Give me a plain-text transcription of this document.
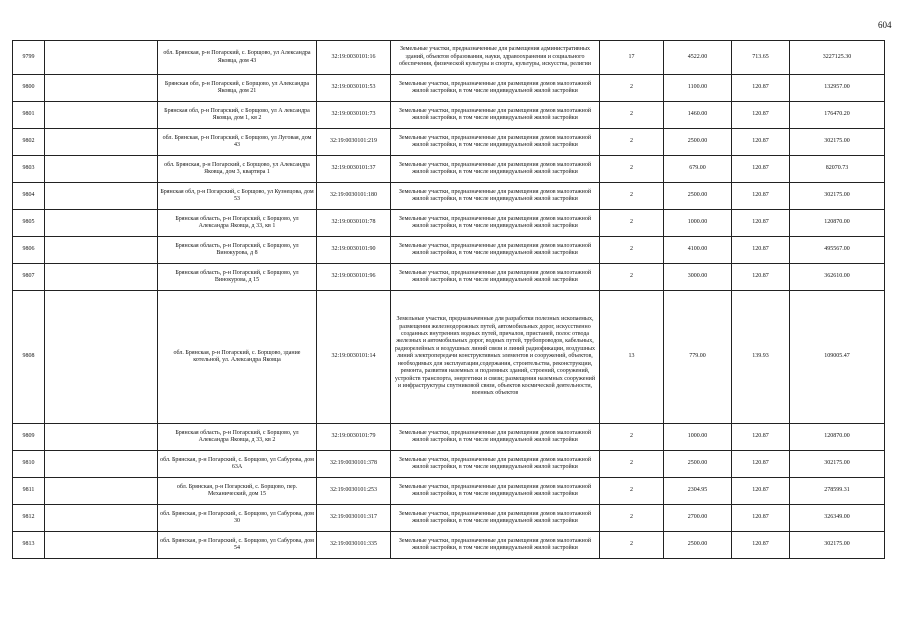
604
9799		обл. Брянская, р-н Погарский, с. Борщово, ул Александра Яковца, дом 43	32:19:0030101:16	Земельные участки, предназначенные для размещения административных зданий, объектов образования, науки, здравоохранения и социального обеспечения, физической культуры и спорта, культуры, искусства, религии	17	4522.00	713.65	3227125.30
9800		Брянская обл, р-н Погарский, с Борщово, ул Александра Яковца, дом 21	32:19:0030101:53	Земельные участки, предназначенные для размещения домов малоэтажной жилой застройки, в том числе индивидуальной жилой застройки	2	1100.00	120.87	132957.00
9801		Брянская обл, р-н Погарский, с Борщово, ул А лександра Яковца, дом 1, кв 2	32:19:0030101:73	Земельные участки, предназначенные для размещения домов малоэтажной жилой застройки, в том числе индивидуальной жилой застройки	2	1460.00	120.87	176470.20
9802		обл. Брянская, р-н Погарский, с Борщово, ул Луговая, дом 43	32:19:0030101:219	Земельные участки, предназначенные для размещения домов малоэтажной жилой застройки, в том числе индивидуальной жилой застройки	2	2500.00	120.87	302175.00
9803		обл. Брянская, р-н Погарский, с Борщово, ул Александра Яковца, дом 3, квартира 1	32:19:0030101:37	Земельные участки, предназначенные для размещения домов малоэтажной жилой застройки, в том числе индивидуальной жилой застройки	2	679.00	120.87	82070.73
9804		Брянская обл, р-н Погарский, с Борщово, ул Кузнецова, дом 53	32:19:0030101:180	Земельные участки, предназначенные для размещения домов малоэтажной жилой застройки, в том числе индивидуальной жилой застройки	2	2500.00	120.87	302175.00
9805		Брянская область, р-н Погарский, с Борщово, ул Александра Яковца, д 33, кв 1	32:19:0030101:78	Земельные участки, предназначенные для размещения домов малоэтажной жилой застройки, в том числе индивидуальной жилой застройки	2	1000.00	120.87	120870.00
9806		Брянская область, р-н Погарский, с Борщово, ул Винокурова, д 8	32:19:0030101:90	Земельные участки, предназначенные для размещения домов малоэтажной жилой застройки, в том числе индивидуальной жилой застройки	2	4100.00	120.87	495567.00
9807		Брянская область, р-н Погарский, с Борщово, ул Винокурова, д 15	32:19:0030101:96	Земельные участки, предназначенные для размещения домов малоэтажной жилой застройки, в том числе индивидуальной жилой застройки	2	3000.00	120.87	362610.00
9808		обл. Брянская, р-н Погарский, с. Борщово, здание котельной, ул. Александра Яковца	32:19:0030101:14	Земельные участки, предназначенные для разработки полезных ископаемых, размещения железнодорожных путей, автомобильных дорог, искусственно созданных внутренних водных путей, причалов, пристаней, полос отвода железных и автомобильных дорог, водных путей, трубопроводов, кабельных, радиорелейных и воздушных линий связи и линий радиофикации, воздушных линий электропередачи конструктивных элементов и сооружений, объектов, необходимых для эксплуатации,содержания, строительства, реконструкции, ремонта, развития наземных и подземных зданий, строений, сооружений, устройств транспорта, энергетики и связи; размещения наземных сооружений и инфраструктуры спутниковой связи, объектов космической деятельности, военных объектов	13	779.00	139.93	109005.47
9809		Брянская область, р-н Погарский, с Борщово, ул Александра Яковца, д 33, кв 2	32:19:0030101:79	Земельные участки, предназначенные для размещения домов малоэтажной жилой застройки, в том числе индивидуальной жилой застройки	2	1000.00	120.87	120870.00
9810		обл. Брянская, р-н Погарский, с. Борщово, ул Сабурова, дом 63А	32:19:0030101:378	Земельные участки, предназначенные для размещения домов малоэтажной жилой застройки, в том числе индивидуальной жилой застройки	2	2500.00	120.87	302175.00
9811		обл. Брянская, р-н Погарский, с. Борщово, пер. Механический, дом 15	32:19:0030101:253	Земельные участки, предназначенные для размещения домов малоэтажной жилой застройки, в том числе индивидуальной жилой застройки	2	2304.95	120.87	278599.31
9812		обл. Брянская, р-н Погарский, с. Борщово, ул Сабурова, дом 30	32:19:0030101:317	Земельные участки, предназначенные для размещения домов малоэтажной жилой застройки, в том числе индивидуальной жилой застройки	2	2700.00	120.87	326349.00
9813		обл. Брянская, р-н Погарский, с. Борщово, ул Сабурова, дом 54	32:19:0030101:335	Земельные участки, предназначенные для размещения домов малоэтажной жилой застройки, в том числе индивидуальной жилой застройки	2	2500.00	120.87	302175.00
